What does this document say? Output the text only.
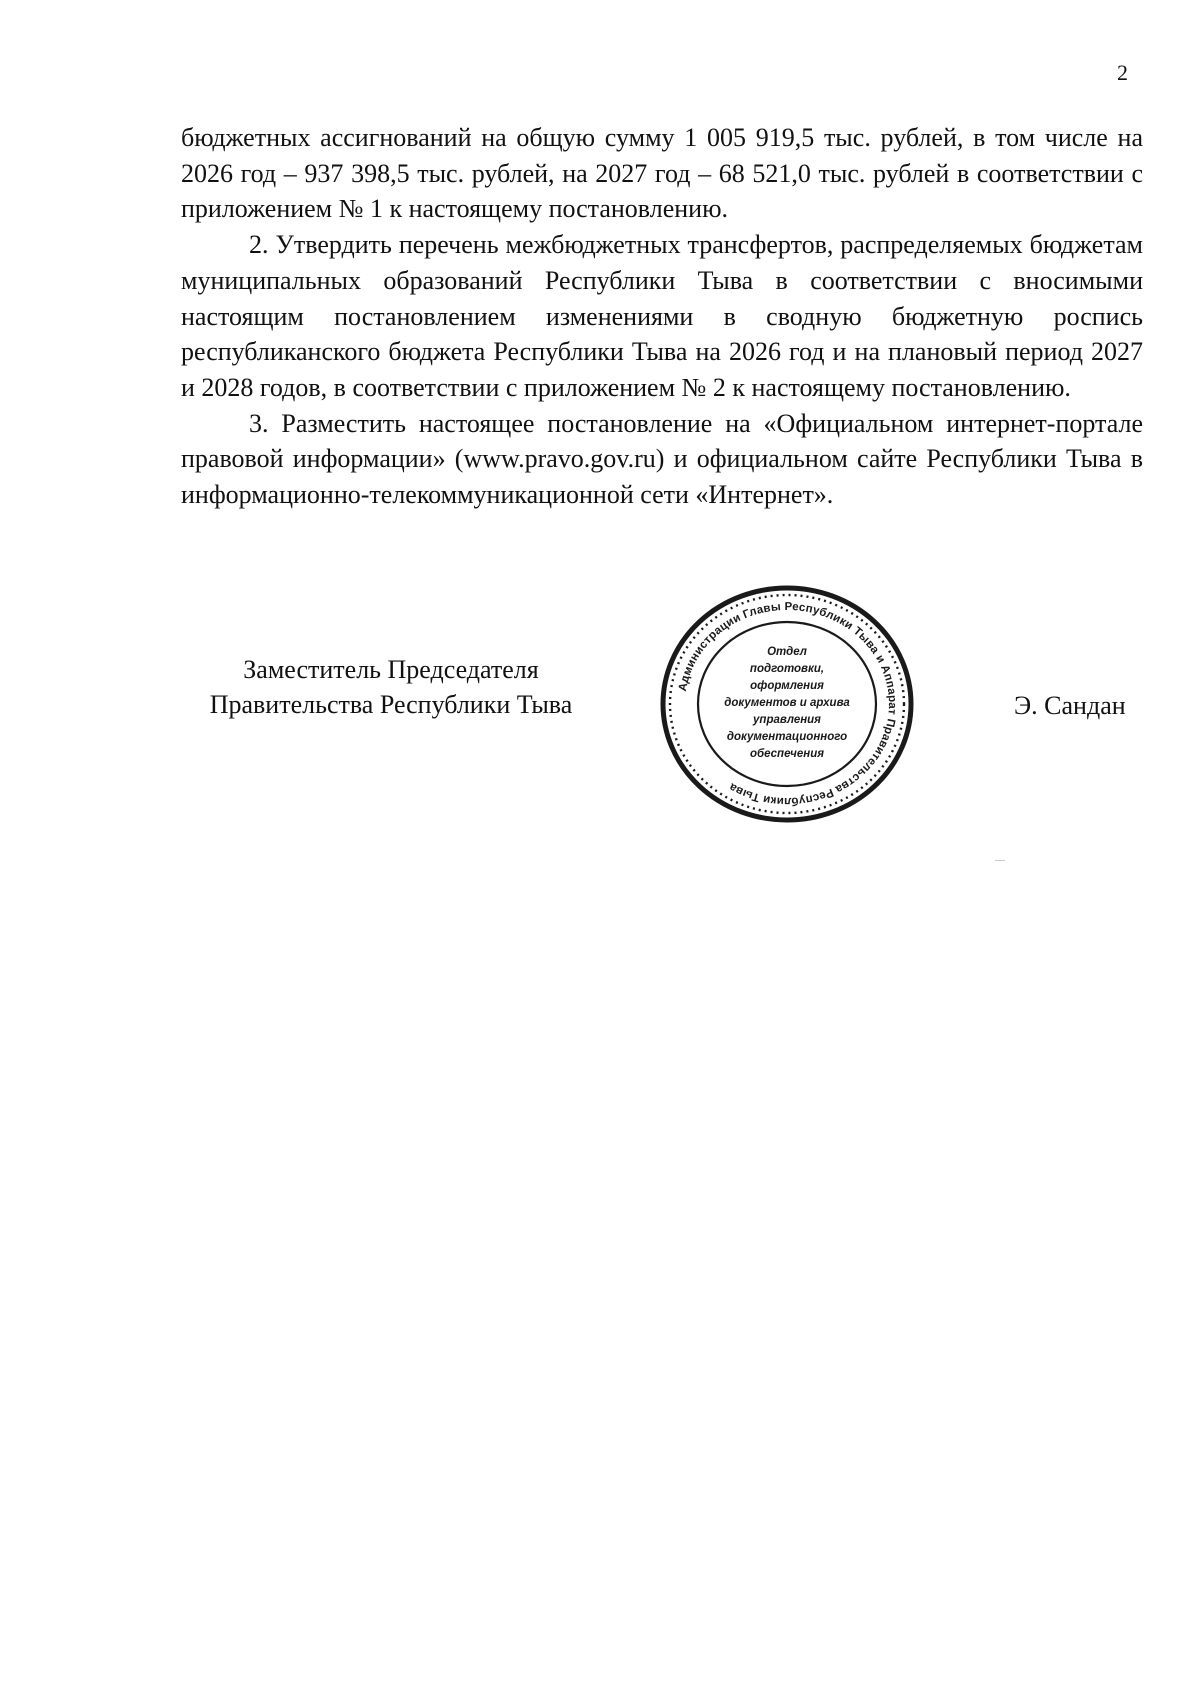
2

бюджетных ассигнований на общую сумму 1 005 919,5 тыс. рублей, в том числе на 2026 год – 937 398,5 тыс. рублей, на 2027 год – 68 521,0 тыс. рублей в соответствии с приложением № 1 к настоящему постановлению.

2. Утвердить перечень межбюджетных трансфертов, распределяемых бюджетам муниципальных образований Республики Тыва в соответствии с вносимыми настоящим постановлением изменениями в сводную бюджетную роспись республиканского бюджета Республики Тыва на 2026 год и на плановый период 2027 и 2028 годов, в соответствии с приложением № 2 к настоящему постановлению.

3. Разместить настоящее постановление на «Официальном интернет-портале правовой информации» (www.pravo.gov.ru) и официальном сайте Республики Тыва в информационно-телекоммуникационной сети «Интернет».

Заместитель Председателя
Правительства Республики Тыва	Э. Сандан
Администрации Главы Республики Тыва и Аппарат Правительства Республики Тыва
Отдел
подготовки,
оформления
документов и архива
управления
документационного
обеспечения
